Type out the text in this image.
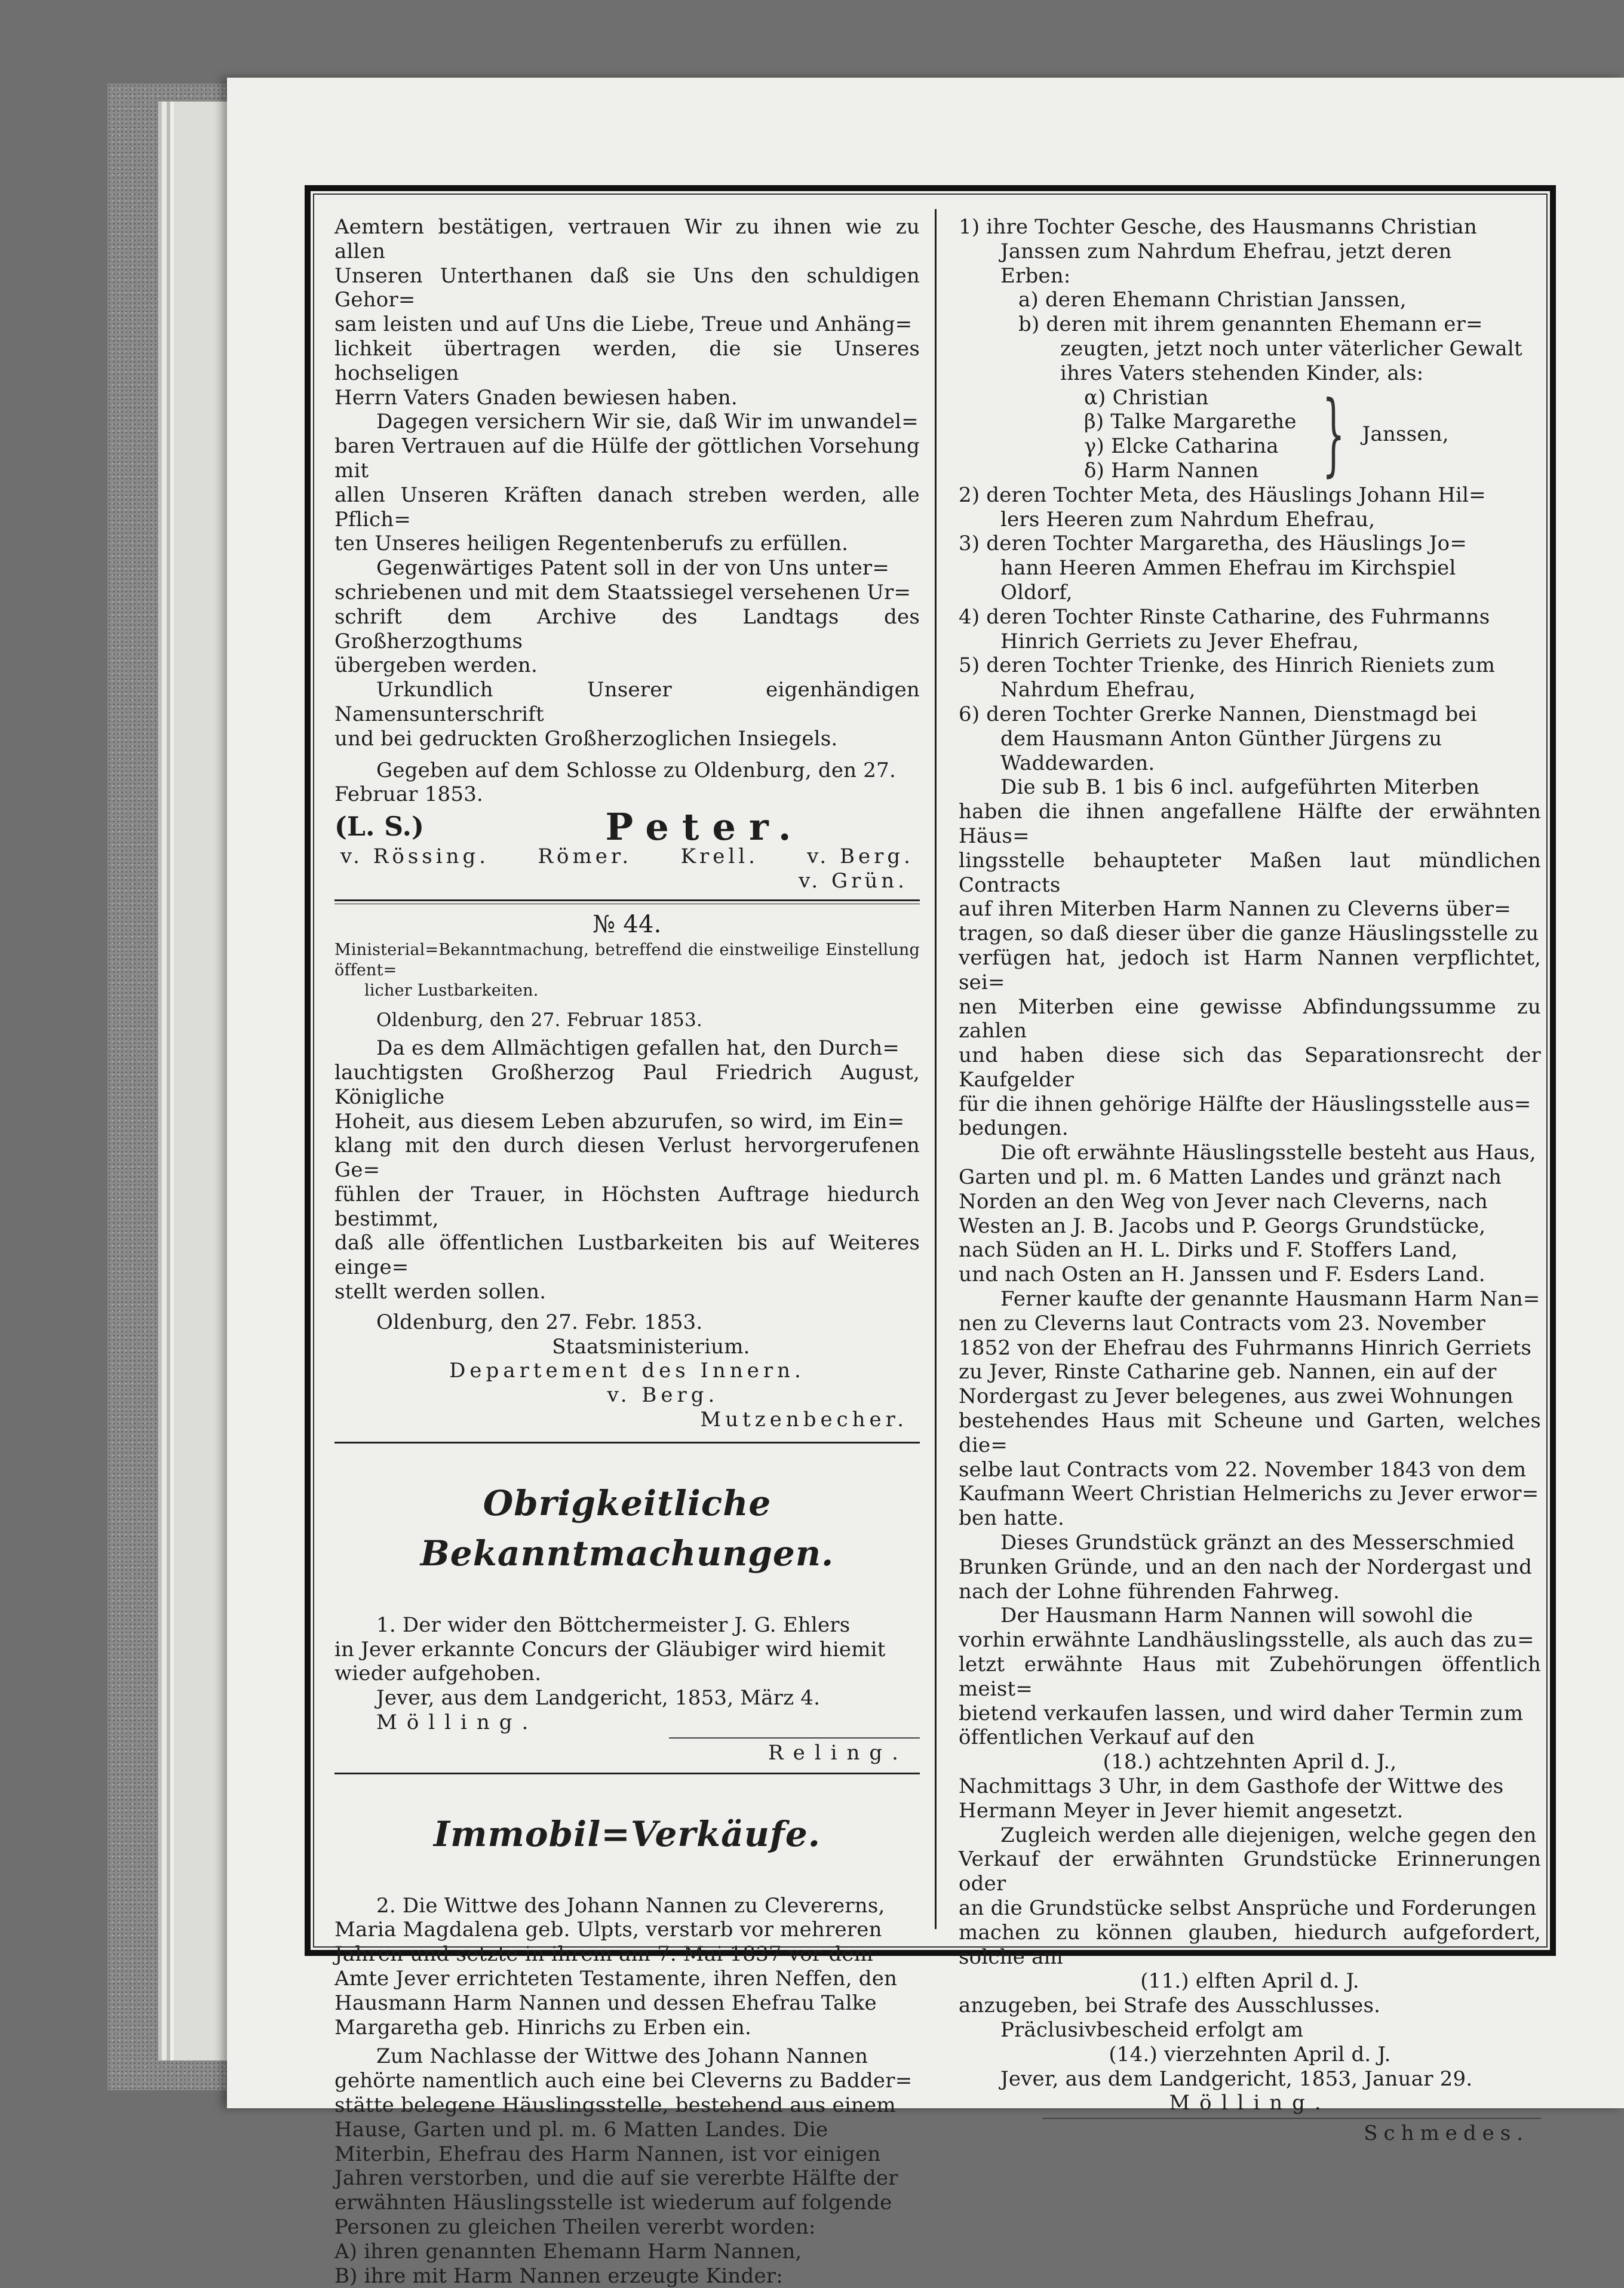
Aemtern bestätigen, vertrauen Wir zu ihnen wie zu allen

Unseren Unterthanen daß sie Uns den schuldigen Gehor=

sam leisten und auf Uns die Liebe, Treue und Anhäng=

lichkeit übertragen werden, die sie Unseres hochseligen

Herrn Vaters Gnaden bewiesen haben.

Dagegen versichern Wir sie, daß Wir im unwandel=

baren Vertrauen auf die Hülfe der göttlichen Vorsehung mit

allen Unseren Kräften danach streben werden, alle Pflich=

ten Unseres heiligen Regentenberufs zu erfüllen.

Gegenwärtiges Patent soll in der von Uns unter=

schriebenen und mit dem Staatssiegel versehenen Ur=

schrift dem Archive des Landtags des Großherzogthums

übergeben werden.

Urkundlich Unserer eigenhändigen Namensunterschrift

und bei gedruckten Großherzoglichen Insiegels.

Gegeben auf dem Schlosse zu Oldenburg, den 27.

Februar 1853.

(L. S.)	Peter.
v. Rössing. Römer. Krell. v. Berg.

v. Grün.

№ 44.

Ministerial=Bekanntmachung, betreffend die einstweilige Einstellung öffent=

licher Lustbarkeiten.

Oldenburg, den 27. Februar 1853.

Da es dem Allmächtigen gefallen hat, den Durch=

lauchtigsten Großherzog Paul Friedrich August, Königliche

Hoheit, aus diesem Leben abzurufen, so wird, im Ein=

klang mit den durch diesen Verlust hervorgerufenen Ge=

fühlen der Trauer, in Höchsten Auftrage hiedurch bestimmt,

daß alle öffentlichen Lustbarkeiten bis auf Weiteres einge=

stellt werden sollen.

Oldenburg, den 27. Febr. 1853.

Staatsministerium.

Departement des Innern.

v. Berg.

Mutzenbecher.

Obrigkeitliche Bekanntmachungen.

1. Der wider den Böttchermeister J. G. Ehlers

in Jever erkannte Concurs der Gläubiger wird hiemit

wieder aufgehoben.

Jever, aus dem Landgericht, 1853, März 4.

Mölling.

Reling.

Immobil=Verkäufe.

2. Die Wittwe des Johann Nannen zu Clevererns,

Maria Magdalena geb. Ulpts, verstarb vor mehreren

Jahren und setzte in ihrem am 7. Mai 1837 vor dem

Amte Jever errichteten Testamente, ihren Neffen, den

Hausmann Harm Nannen und dessen Ehefrau Talke

Margaretha geb. Hinrichs zu Erben ein.

Zum Nachlasse der Wittwe des Johann Nannen

gehörte namentlich auch eine bei Cleverns zu Badder=

stätte belegene Häuslingsstelle, bestehend aus einem

Hause, Garten und pl. m. 6 Matten Landes. Die

Miterbin, Ehefrau des Harm Nannen, ist vor einigen

Jahren verstorben, und die auf sie vererbte Hälfte der

erwähnten Häuslingsstelle ist wiederum auf folgende

Personen zu gleichen Theilen vererbt worden:

A) ihren genannten Ehemann Harm Nannen,

B) ihre mit Harm Nannen erzeugte Kinder:

1) ihre Tochter Gesche, des Hausmanns Christian

Janssen zum Nahrdum Ehefrau, jetzt deren

Erben:

a) deren Ehemann Christian Janssen,

b) deren mit ihrem genannten Ehemann er=

zeugten, jetzt noch unter väterlicher Gewalt

ihres Vaters stehenden Kinder, als:

α) Christian

β) Talke Margarethe

γ) Elcke Catharina

δ) Harm Nannen } Janssen,

2) deren Tochter Meta, des Häuslings Johann Hil=

lers Heeren zum Nahrdum Ehefrau,

3) deren Tochter Margaretha, des Häuslings Jo=

hann Heeren Ammen Ehefrau im Kirchspiel

Oldorf,

4) deren Tochter Rinste Catharine, des Fuhrmanns

Hinrich Gerriets zu Jever Ehefrau,

5) deren Tochter Trienke, des Hinrich Rieniets zum

Nahrdum Ehefrau,

6) deren Tochter Grerke Nannen, Dienstmagd bei

dem Hausmann Anton Günther Jürgens zu

Waddewarden.

Die sub B. 1 bis 6 incl. aufgeführten Miterben

haben die ihnen angefallene Hälfte der erwähnten Häus=

lingsstelle behaupteter Maßen laut mündlichen Contracts

auf ihren Miterben Harm Nannen zu Cleverns über=

tragen, so daß dieser über die ganze Häuslingsstelle zu

verfügen hat, jedoch ist Harm Nannen verpflichtet, sei=

nen Miterben eine gewisse Abfindungssumme zu zahlen

und haben diese sich das Separationsrecht der Kaufgelder

für die ihnen gehörige Hälfte der Häuslingsstelle aus=

bedungen.

Die oft erwähnte Häuslingsstelle besteht aus Haus,

Garten und pl. m. 6 Matten Landes und gränzt nach

Norden an den Weg von Jever nach Cleverns, nach

Westen an J. B. Jacobs und P. Georgs Grundstücke,

nach Süden an H. L. Dirks und F. Stoffers Land,

und nach Osten an H. Janssen und F. Esders Land.

Ferner kaufte der genannte Hausmann Harm Nan=

nen zu Cleverns laut Contracts vom 23. November

1852 von der Ehefrau des Fuhrmanns Hinrich Gerriets

zu Jever, Rinste Catharine geb. Nannen, ein auf der

Nordergast zu Jever belegenes, aus zwei Wohnungen

bestehendes Haus mit Scheune und Garten, welches die=

selbe laut Contracts vom 22. November 1843 von dem

Kaufmann Weert Christian Helmerichs zu Jever erwor=

ben hatte.

Dieses Grundstück gränzt an des Messerschmied

Brunken Gründe, und an den nach der Nordergast und

nach der Lohne führenden Fahrweg.

Der Hausmann Harm Nannen will sowohl die

vorhin erwähnte Landhäuslingsstelle, als auch das zu=

letzt erwähnte Haus mit Zubehörungen öffentlich meist=

bietend verkaufen lassen, und wird daher Termin zum

öffentlichen Verkauf auf den

(18.) achtzehnten April d. J.,

Nachmittags 3 Uhr, in dem Gasthofe der Wittwe des

Hermann Meyer in Jever hiemit angesetzt.

Zugleich werden alle diejenigen, welche gegen den

Verkauf der erwähnten Grundstücke Erinnerungen oder

an die Grundstücke selbst Ansprüche und Forderungen

machen zu können glauben, hiedurch aufgefordert, solche am

(11.) elften April d. J.

anzugeben, bei Strafe des Ausschlusses.

Präclusivbescheid erfolgt am

(14.) vierzehnten April d. J.

Jever, aus dem Landgericht, 1853, Januar 29.

Mölling.

Schmedes.
